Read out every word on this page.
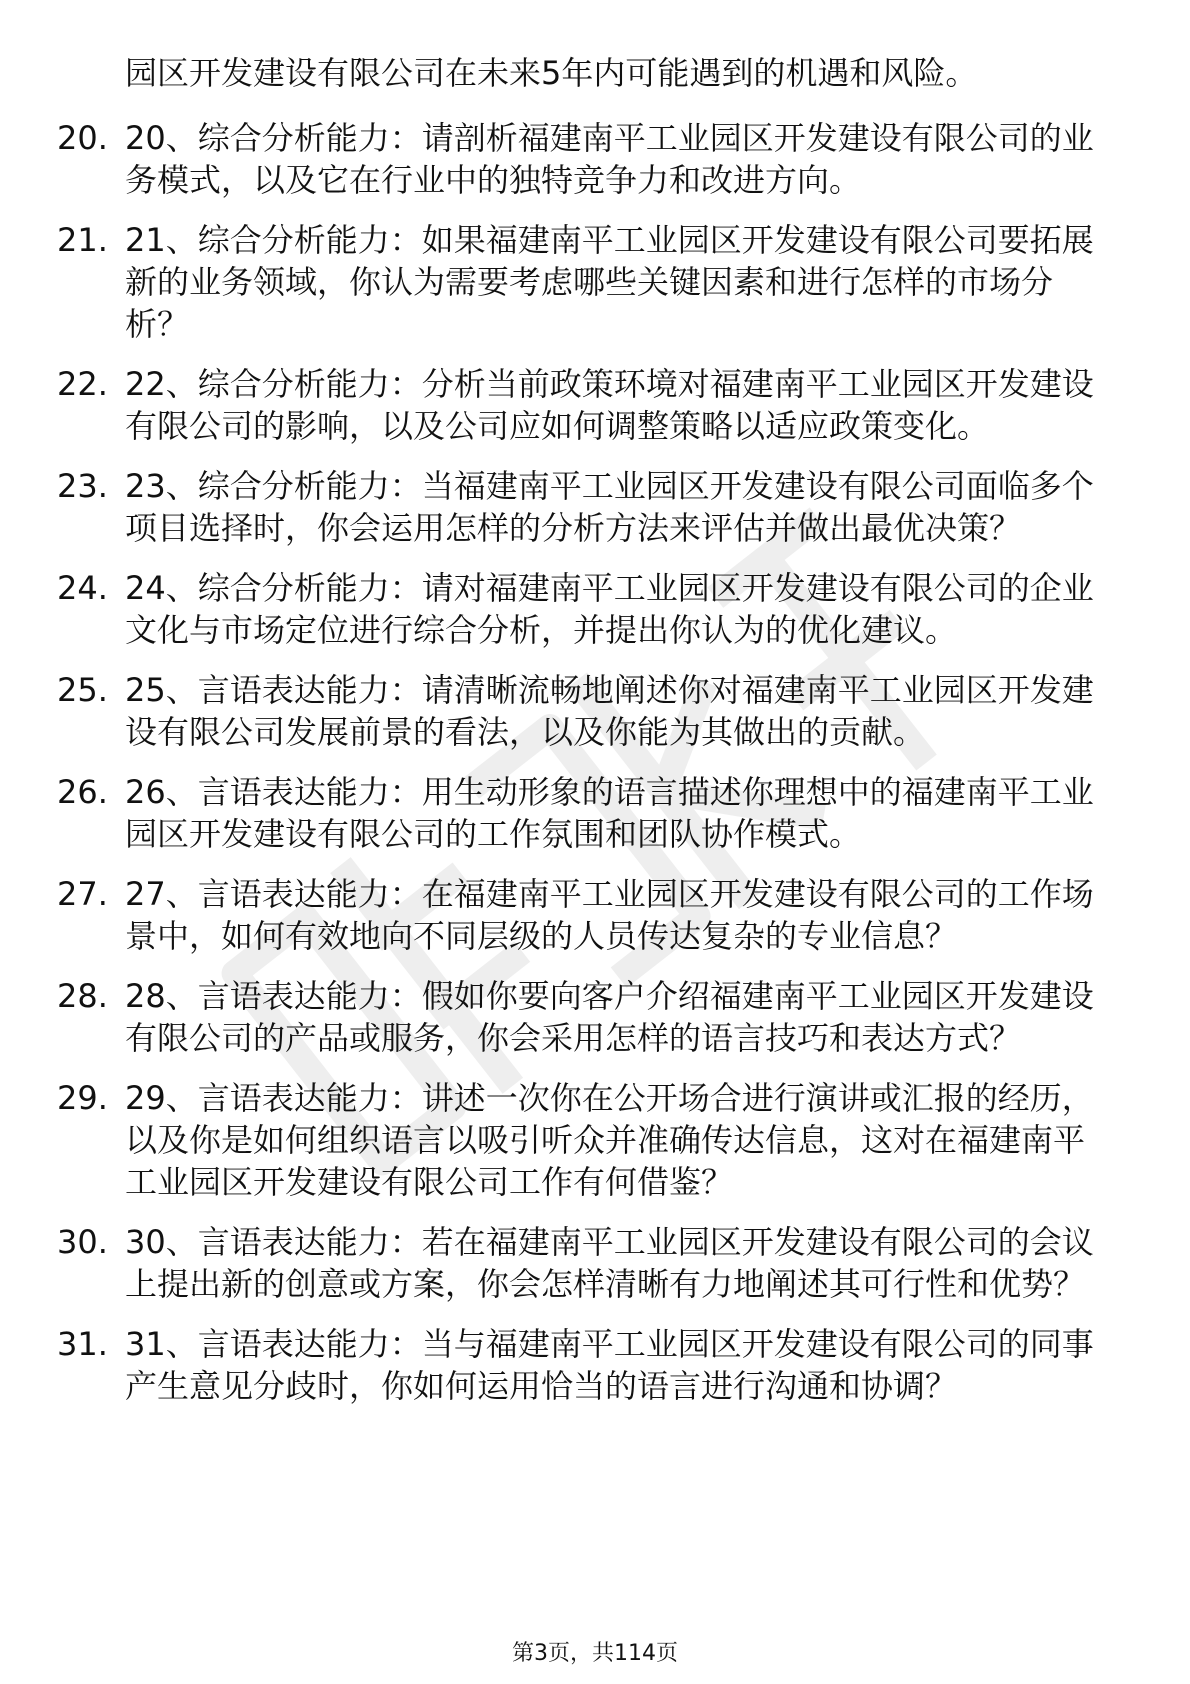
园区开发建设有限公司在未来5年内可能遇到的机遇和风险。

20. 20、综合分析能力：请剖析福建南平工业园区开发建设有限公司的业务模式，以及它在行业中的独特竞争力和改进方向。
21. 21、综合分析能力：如果福建南平工业园区开发建设有限公司要拓展新的业务领域，你认为需要考虑哪些关键因素和进行怎样的市场分析？
22. 22、综合分析能力：分析当前政策环境对福建南平工业园区开发建设有限公司的影响，以及公司应如何调整策略以适应政策变化。
23. 23、综合分析能力：当福建南平工业园区开发建设有限公司面临多个项目选择时，你会运用怎样的分析方法来评估并做出最优决策？
24. 24、综合分析能力：请对福建南平工业园区开发建设有限公司的企业文化与市场定位进行综合分析，并提出你认为的优化建议。
25. 25、言语表达能力：请清晰流畅地阐述你对福建南平工业园区开发建设有限公司发展前景的看法，以及你能为其做出的贡献。
26. 26、言语表达能力：用生动形象的语言描述你理想中的福建南平工业园区开发建设有限公司的工作氛围和团队协作模式。
27. 27、言语表达能力：在福建南平工业园区开发建设有限公司的工作场景中，如何有效地向不同层级的人员传达复杂的专业信息？
28. 28、言语表达能力：假如你要向客户介绍福建南平工业园区开发建设有限公司的产品或服务，你会采用怎样的语言技巧和表达方式？
29. 29、言语表达能力：讲述一次你在公开场合进行演讲或汇报的经历，以及你是如何组织语言以吸引听众并准确传达信息，这对在福建南平工业园区开发建设有限公司工作有何借鉴？
30. 30、言语表达能力：若在福建南平工业园区开发建设有限公司的会议上提出新的创意或方案，你会怎样清晰有力地阐述其可行性和优势？
31. 31、言语表达能力：当与福建南平工业园区开发建设有限公司的同事产生意见分歧时，你如何运用恰当的语言进行沟通和协调？
第3页，共114页
